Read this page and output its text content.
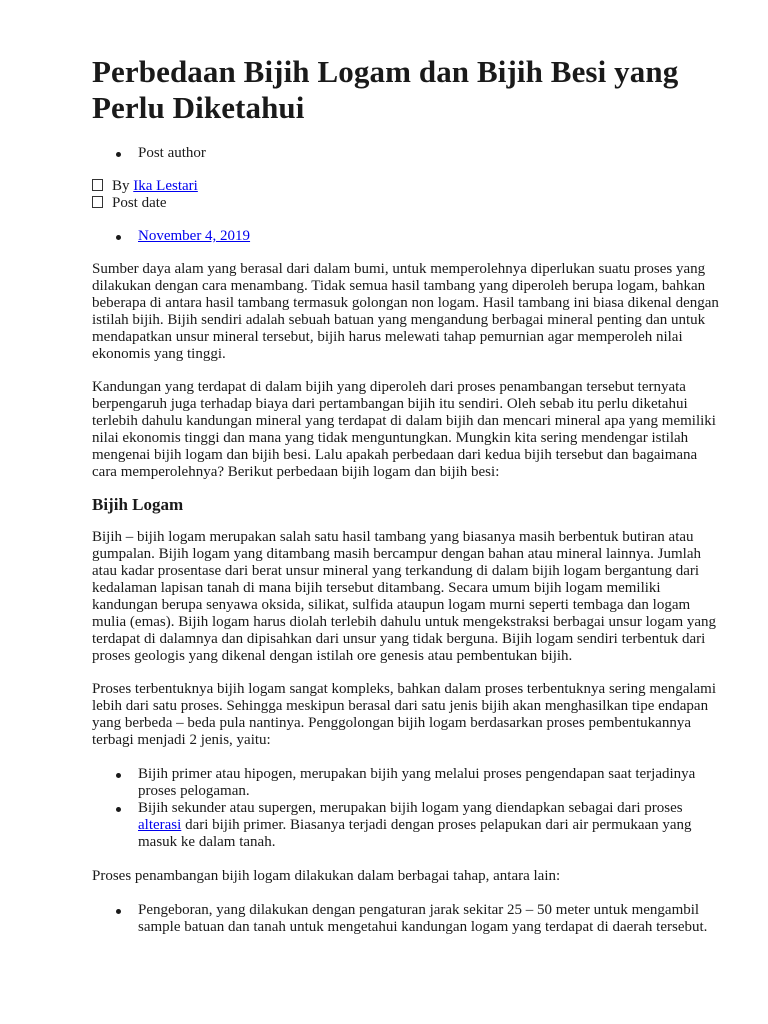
Perbedaan Bijih Logam dan Bijih Besi yang Perlu Diketahui
Post author
By Ika Lestari
Post date
November 4, 2019

Sumber daya alam yang berasal dari dalam bumi, untuk memperolehnya diperlukan suatu proses yang dilakukan dengan cara menambang. Tidak semua hasil tambang yang diperoleh berupa logam, bahkan beberapa di antara hasil tambang termasuk golongan non logam. Hasil tambang ini biasa dikenal dengan istilah bijih. Bijih sendiri adalah sebuah batuan yang mengandung berbagai mineral penting dan untuk mendapatkan unsur mineral tersebut, bijih harus melewati tahap pemurnian agar memperoleh nilai ekonomis yang tinggi.

Kandungan yang terdapat di dalam bijih yang diperoleh dari proses penambangan tersebut ternyata berpengaruh juga terhadap biaya dari pertambangan bijih itu sendiri. Oleh sebab itu perlu diketahui terlebih dahulu kandungan mineral yang terdapat di dalam bijih dan mencari mineral apa yang memiliki nilai ekonomis tinggi dan mana yang tidak menguntungkan. Mungkin kita sering mendengar istilah mengenai bijih logam dan bijih besi. Lalu apakah perbedaan dari kedua bijih tersebut dan bagaimana cara memperolehnya? Berikut perbedaan bijih logam dan bijih besi:

Bijih Logam

Bijih – bijih logam merupakan salah satu hasil tambang yang biasanya masih berbentuk butiran atau gumpalan. Bijih logam yang ditambang masih bercampur dengan bahan atau mineral lainnya. Jumlah atau kadar prosentase dari berat unsur mineral yang terkandung di dalam bijih logam bergantung dari kedalaman lapisan tanah di mana bijih tersebut ditambang. Secara umum bijih logam memiliki kandungan berupa senyawa oksida, silikat, sulfida ataupun logam murni seperti tembaga dan logam mulia (emas). Bijih logam harus diolah terlebih dahulu untuk mengekstraksi berbagai unsur logam yang terdapat di dalamnya dan dipisahkan dari unsur yang tidak berguna. Bijih logam sendiri terbentuk dari proses geologis yang dikenal dengan istilah ore genesis atau pembentukan bijih.

Proses terbentuknya bijih logam sangat kompleks, bahkan dalam proses terbentuknya sering mengalami lebih dari satu proses. Sehingga meskipun berasal dari satu jenis bijih akan menghasilkan tipe endapan yang berbeda – beda pula nantinya. Penggolongan bijih logam berdasarkan proses pembentukannya terbagi menjadi 2 jenis, yaitu:

Bijih primer atau hipogen, merupakan bijih yang melalui proses pengendapan saat terjadinya proses pelogaman.
Bijih sekunder atau supergen, merupakan bijih logam yang diendapkan sebagai dari proses alterasi dari bijih primer. Biasanya terjadi dengan proses pelapukan dari air permukaan yang masuk ke dalam tanah.

Proses penambangan bijih logam dilakukan dalam berbagai tahap, antara lain:

Pengeboran, yang dilakukan dengan pengaturan jarak sekitar 25 – 50 meter untuk mengambil sample batuan dan tanah untuk mengetahui kandungan logam yang terdapat di daerah tersebut.
